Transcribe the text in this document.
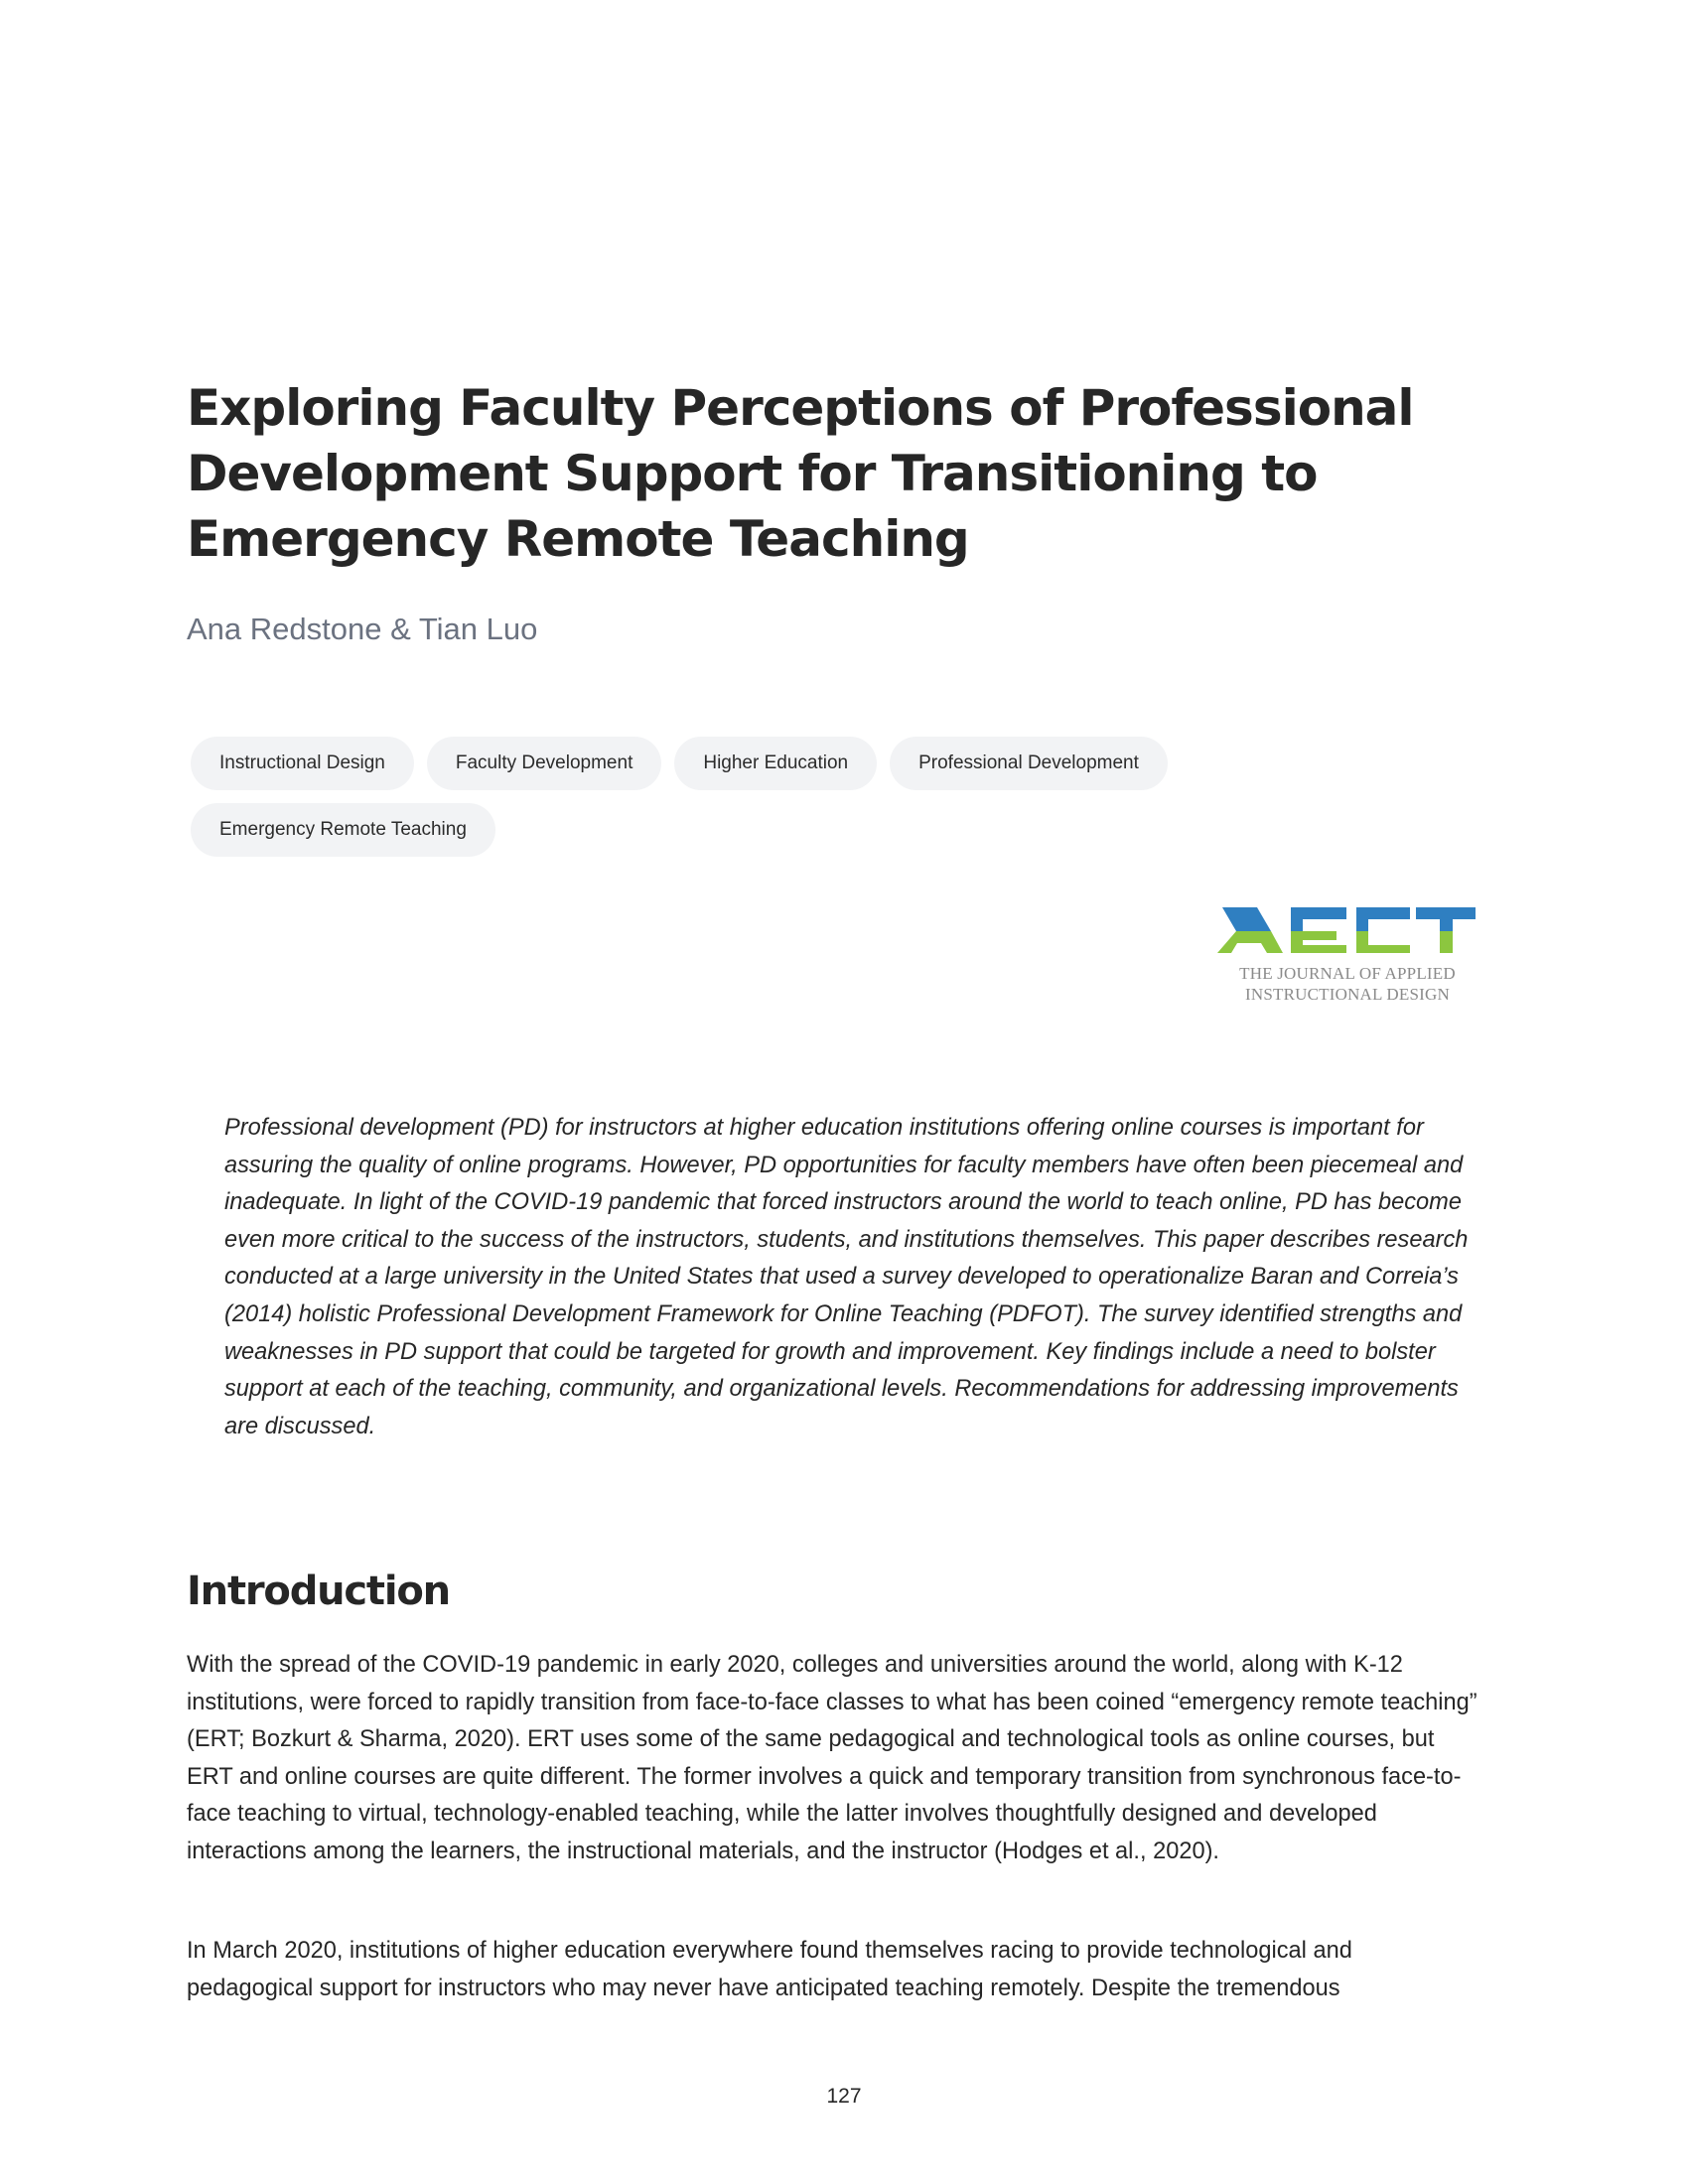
Exploring Faculty Perceptions of Professional Development Support for Transitioning to Emergency Remote Teaching

Ana Redstone & Tian Luo

Instructional Design	Faculty Development	Higher Education	Professional Development
Emergency Remote Teaching
THE JOURNAL OF APPLIED
INSTRUCTIONAL DESIGN

Professional development (PD) for instructors at higher education institutions offering online courses is important for assuring the quality of online programs. However, PD opportunities for faculty members have often been piecemeal and inadequate. In light of the COVID-19 pandemic that forced instructors around the world to teach online, PD has become even more critical to the success of the instructors, students, and institutions themselves. This paper describes research conducted at a large university in the United States that used a survey developed to operationalize Baran and Correia’s (2014) holistic Professional Development Framework for Online Teaching (PDFOT). The survey identified strengths and weaknesses in PD support that could be targeted for growth and improvement. Key findings include a need to bolster support at each of the teaching, community, and organizational levels. Recommendations for addressing improvements are discussed.

Introduction

With the spread of the COVID-19 pandemic in early 2020, colleges and universities around the world, along with K-12 institutions, were forced to rapidly transition from face-to-face classes to what has been coined “emergency remote teaching” (ERT; Bozkurt & Sharma, 2020). ERT uses some of the same pedagogical and technological tools as online courses, but ERT and online courses are quite different. The former involves a quick and temporary transition from synchronous face-to-face teaching to virtual, technology-enabled teaching, while the latter involves thoughtfully designed and developed interactions among the learners, the instructional materials, and the instructor (Hodges et al., 2020).

In March 2020, institutions of higher education everywhere found themselves racing to provide technological and pedagogical support for instructors who may never have anticipated teaching remotely. Despite the tremendous

127
